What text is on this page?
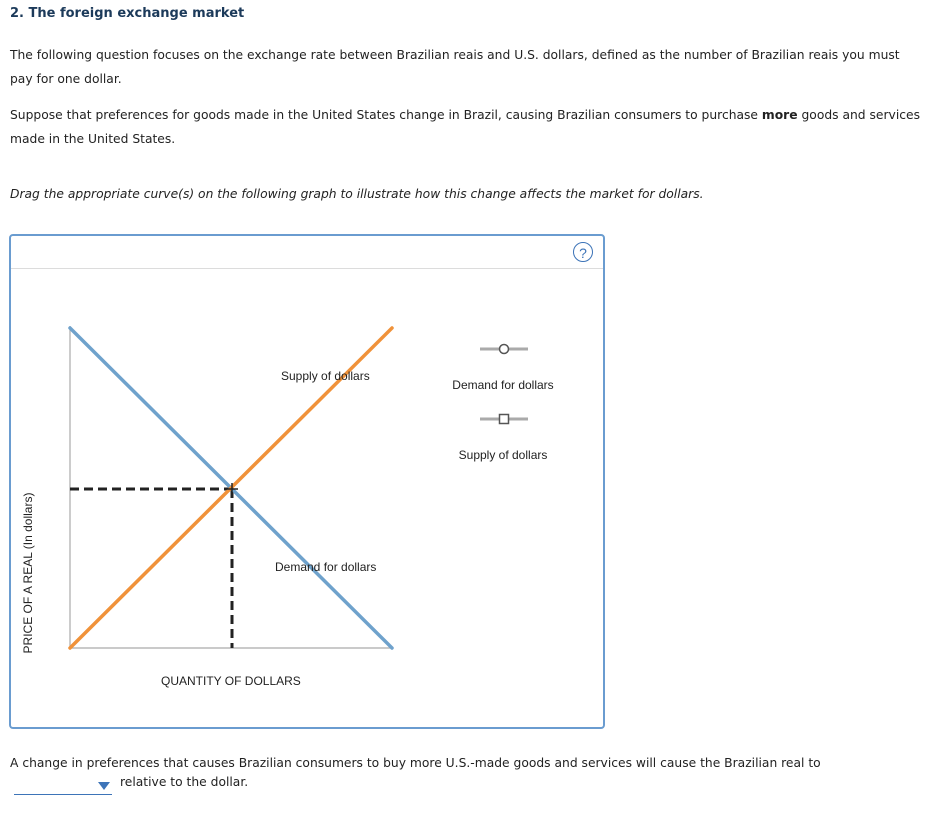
2. The foreign exchange market
The following question focuses on the exchange rate between Brazilian reais and U.S. dollars, defined as the number of Brazilian reais you must pay for one dollar.
Suppose that preferences for goods made in the United States change in Brazil, causing Brazilian consumers to purchase more goods and services made in the United States.
Drag the appropriate curve(s) on the following graph to illustrate how this change affects the market for dollars.
?
Supply of dollars
Demand for dollars
QUANTITY OF DOLLARS
PRICE OF A REAL (In dollars)
Demand for dollars
Supply of dollars
A change in preferences that causes Brazilian consumers to buy more U.S.-made goods and services will cause the Brazilian real to
relative to the dollar.
